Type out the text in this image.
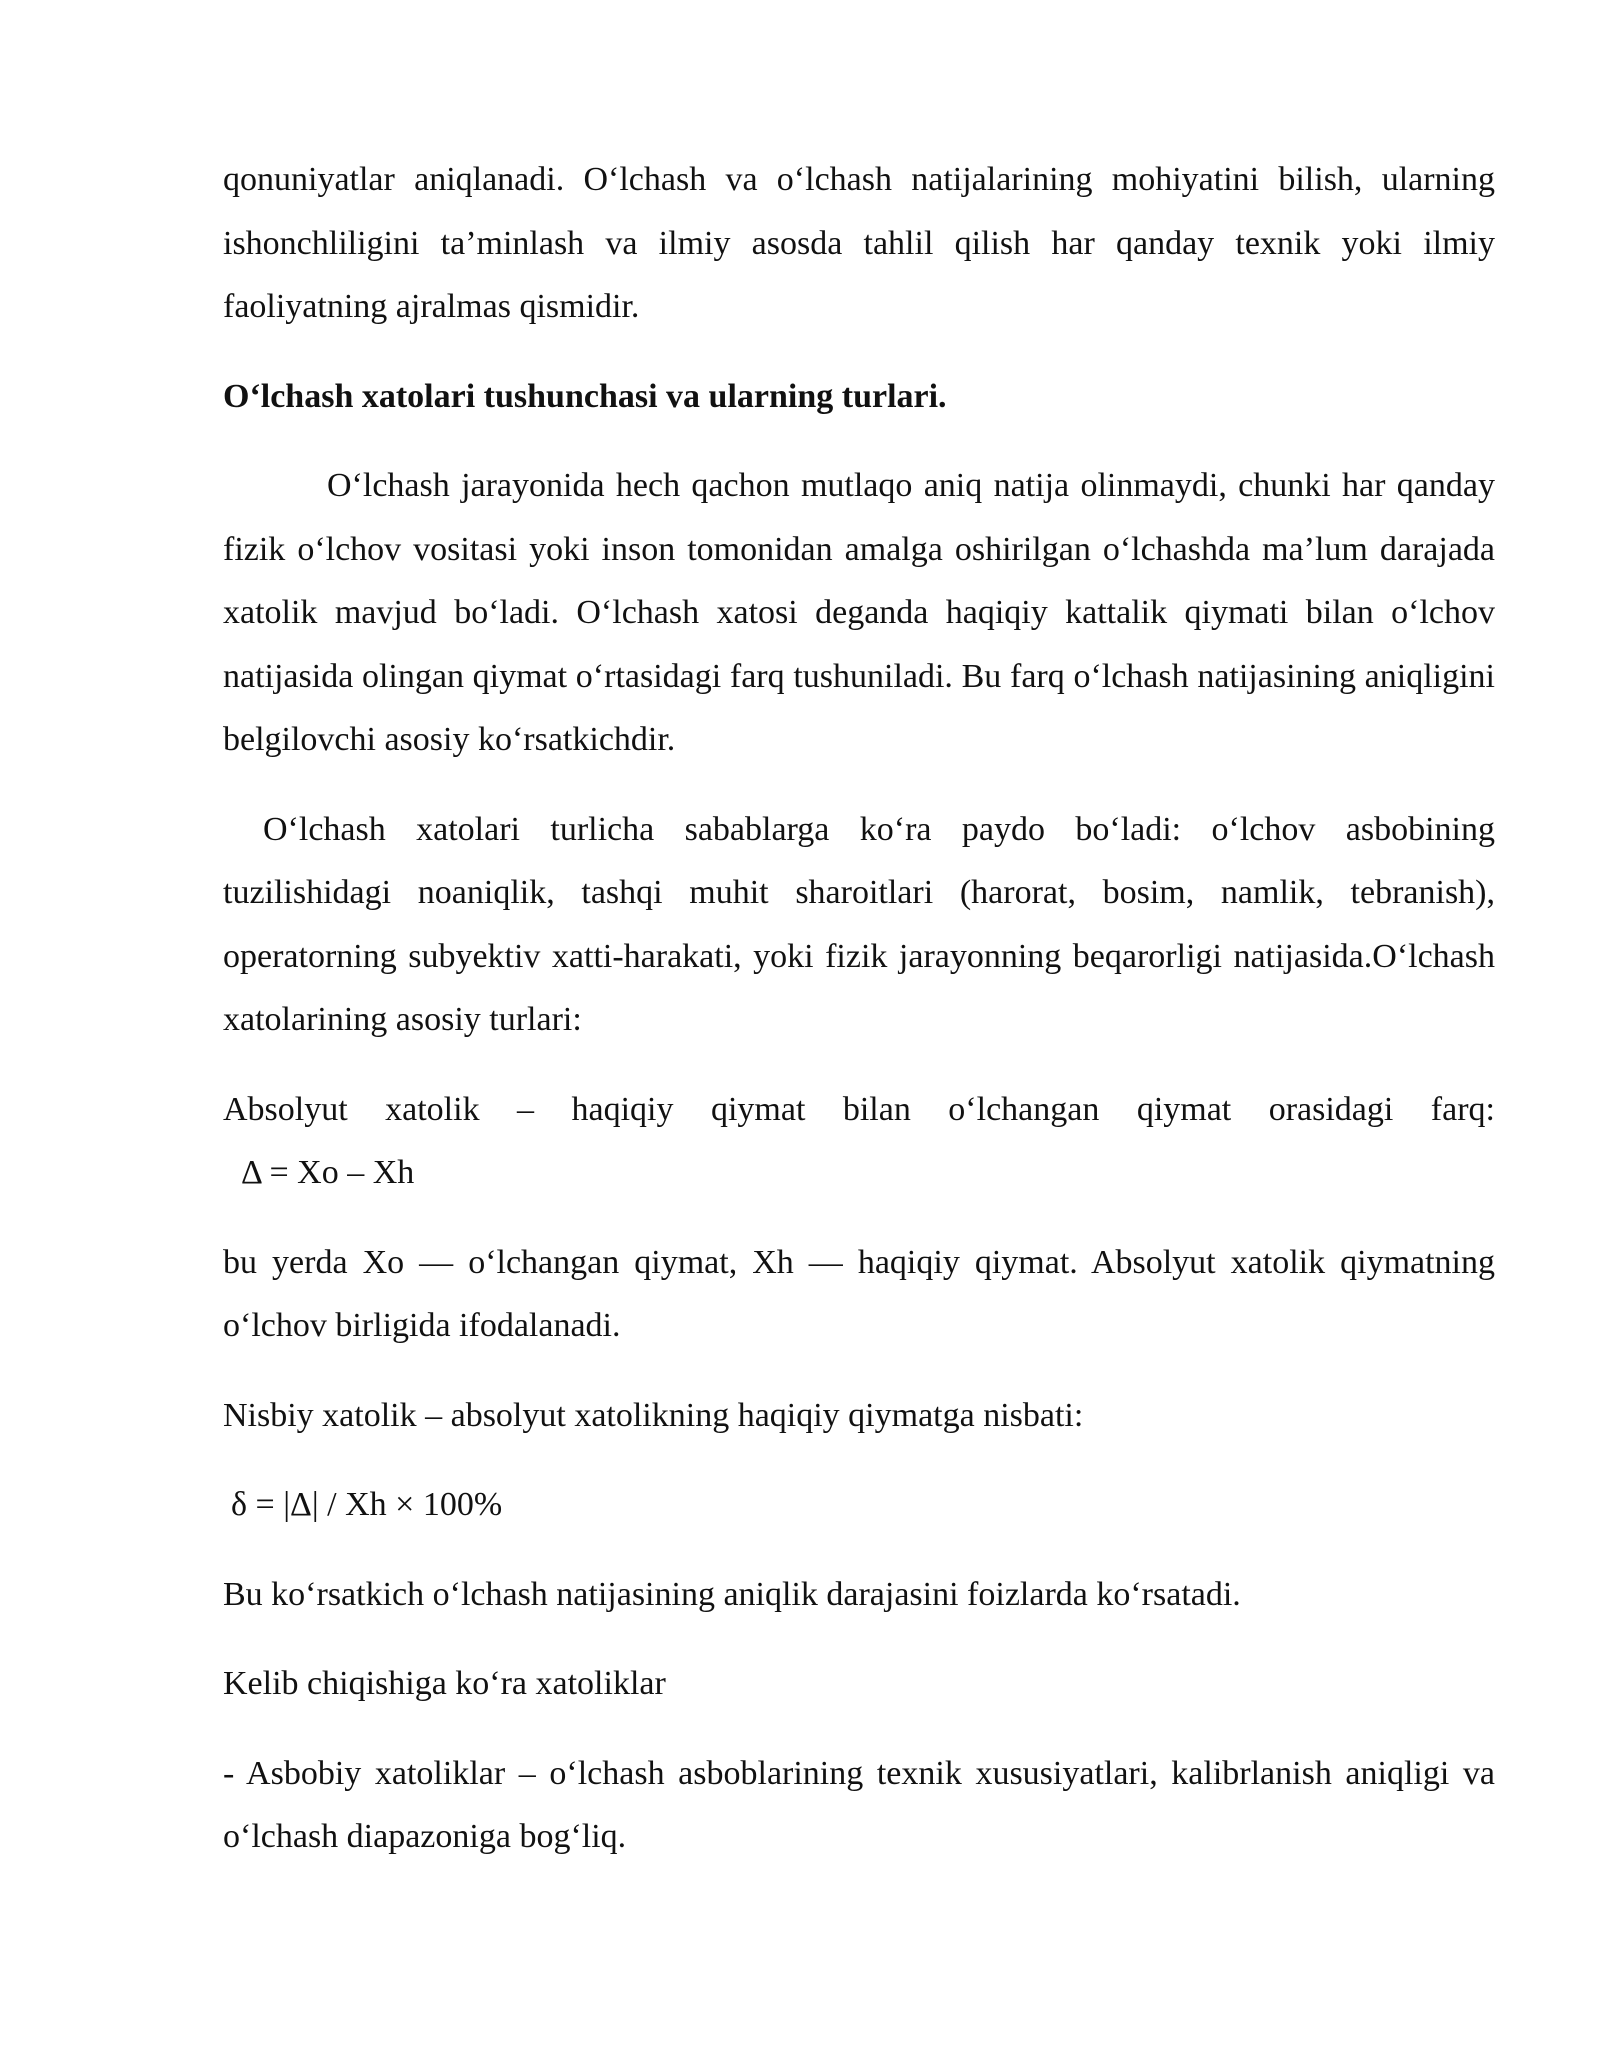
qonuniyatlar aniqlanadi. O‘lchash va o‘lchash natijalarining mohiyatini bilish, ularning ishonchliligini ta’minlash va ilmiy asosda tahlil qilish har qanday texnik yoki ilmiy faoliyatning ajralmas qismidir.

O‘lchash xatolari tushunchasi va ularning turlari.

O‘lchash jarayonida hech qachon mutlaqo aniq natija olinmaydi, chunki har qanday fizik o‘lchov vositasi yoki inson tomonidan amalga oshirilgan o‘lchashda ma’lum darajada xatolik mavjud bo‘ladi. O‘lchash xatosi deganda haqiqiy kattalik qiymati bilan o‘lchov natijasida olingan qiymat o‘rtasidagi farq tushuniladi. Bu farq o‘lchash natijasining aniqligini belgilovchi asosiy ko‘rsatkichdir.

O‘lchash xatolari turlicha sabablarga ko‘ra paydo bo‘ladi: o‘lchov asbobining tuzilishidagi noaniqlik, tashqi muhit sharoitlari (harorat, bosim, namlik, tebranish), operatorning subyektiv xatti-harakati, yoki fizik jarayonning beqarorligi natijasida.O‘lchash xatolarining asosiy turlari:

Absolyut xatolik – haqiqiy qiymat bilan o‘lchangan qiymat orasidagi farq:
Δ = Xo – Xh

bu yerda Xo — o‘lchangan qiymat, Xh — haqiqiy qiymat. Absolyut xatolik qiymatning o‘lchov birligida ifodalanadi.

Nisbiy xatolik – absolyut xatolikning haqiqiy qiymatga nisbati:

δ = |Δ| / Xh × 100%

Bu ko‘rsatkich o‘lchash natijasining aniqlik darajasini foizlarda ko‘rsatadi.

Kelib chiqishiga ko‘ra xatoliklar

- Asbobiy xatoliklar – o‘lchash asboblarining texnik xususiyatlari, kalibrlanish aniqligi va o‘lchash diapazoniga bog‘liq.
